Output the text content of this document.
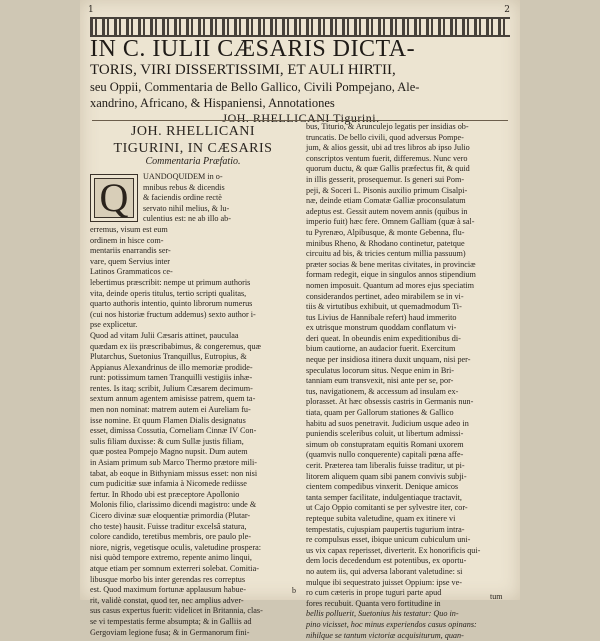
1	2
IN C. IULII CÆSARIS DICTA-
TORIS, VIRI DISSERTISSIMI, ET AULI HIRTII,
seu Oppii, Commentaria de Bello Gallico, Civili Pompejano, Ale-
xandrino, Africano, & Hispaniensi, Annotationes
JOH. RHELLICANI Tigurini.
JOH. RHELLICANI
TIGURINI, IN CÆSARIS
Commentaria Præfatio.
Q	UANDOQUIDEM in o-
mnibus rebus & dicendis
& faciendis ordine rectè
servato nihil melius, & lu-
culentius est: ne ab illo ab-
erremus, visum est eum
ordinem in hisce com-
mentariis enarrandis ser-
vare, quem Servius inter
Latinos Grammaticos ce-
lebertimus præscribit: nempe ut primum authoris
vita, deinde operis titulus, tertio scripti qualitas,
quarto authoris intentio, quinto librorum numerus
(cui nos historiæ fructum addemus) sexto author i-
pse explicetur.
Quod ad vitam Julii Cæsaris attinet, pauculaa
quædam ex iis præscribabimus, & congeremus, quæ
Plutarchus, Suetonius Tranquillus, Eutropius, &
Appianus Alexandrinus de illo memoriæ prodide-
runt: potissimum tamen Tranquilli vestigiis inhæ-
rentes. Is itaq; scribit, Julium Cæsarem decimum-
sextum annum agentem amisisse patrem, quem ta-
men non nominat: matrem autem ei Aureliam fu-
isse nomine. Et quum Flamen Dialis designatus
esset, dimissa Cossutia, Corneliam Cinnæ IV Con-
sulis filiam duxisse: & cum Sullæ justis filiam,
quæ postea Pompejo Magno nupsit. Dum autem
in Asiam primum sub Marco Thermo prætore mili-
tabat, ab eoque in Bithyniam missus esset: non nisi
cum pudicitiæ suæ infamia à Nicomede rediisse
fertur. In Rhodo ubi est præceptore Apollonio
Molonis filio, clarissimo dicendi magistro: unde &
Cicero divinæ suæ eloquentiæ primordia (Plutar-
cho teste) hausit. Fuisse traditur excelsâ statura,
colore candido, teretibus membris, ore paulo ple-
niore, nigris, vegetisque oculis, valetudine prospera:
nisi quòd tempore extremo, repente animo linqui,
atque etiam per somnum exterreri solebat. Comitia-
libusque morbo bis inter gerendas res correptus
est. Quod maximum fortunæ applausum habue-
rit, validè constat, quod ter, nec amplius adver-
sus casus expertus fuerit: videlicet in Britannia, clas-
se vi tempestatis ferme absumpta; & in Galliis ad
Gergoviam legione fusa; & in Germanorum fini-
bus, Titurio, & Arunculejo legatis per insidias ob-
truncatis. De bello civili, quod adversus Pompe-
jum, & alios gessit, ubi ad tres libros ab ipso Julio
conscriptos ventum fuerit, differemus. Nunc vero
quorum ductu, & quæ Gallis præfectus fit, & quid
in illis gesserit, prosequemur. Is generi sui Pom-
peji, & Soceri L. Pisonis auxilio primum Cisalpi-
næ, deinde etiam Comatæ Galliæ proconsulatum
adeptus est. Gessit autem novem annis (quibus in
imperio fuit) hæc fere. Omnem Galliam (quæ à sal-
tu Pyrenæo, Alpibusque, & monte Gebenna, flu-
minibus Rheno, & Rhodano continetur, patetque
circuitu ad bis, & tricies centum millia passuum)
præter socias & bene meritas civitates, in provinciæ
formam redegit, eique in singulos annos stipendium
nomen imposuit. Quantum ad mores ejus speciatim
considerandos pertinet, adeo mirabilem se in vi-
tiis & virtutibus exhibuit, ut quemadmodum Ti-
tus Livius de Hannibale refert) haud immerito
ex utrisque monstrum quoddam conflatum vi-
deri queat. In obeundis enim expeditionibus di-
bium cautiorne, an audacior fuerit. Exercitum
neque per insidiosa itinera duxit unquam, nisi per-
speculatus locorum situs. Neque enim in Bri-
tanniam eum transvexit, nisi ante per se, por-
tus, navigationem, & accessum ad insulam ex-
plorasset. At hæc obsessis castris in Germanis nun-
tiata, quam per Gallorum stationes & Gallico
habitu ad suos penetravit. Judicium usque adeo in
puniendis sceleribus coluit, ut libertum admissi-
simum ob constupratam equitis Romani uxorem
(quamvis nullo conquerente) capitali pœna affe-
cerit. Præterea tam liberalis fuisse traditur, ut pi-
litorem aliquem quam sibi panem convivis subji-
cientem compedibus vinxerit. Denique amicos
tanta semper facilitate, indulgentiaque tractavit,
ut Cajo Oppio comitanti se per sylvestre iter, cor-
repteque subita valetudine, quam ex itinere vi
tempestatis, cujuspiam paupertis tugurium intra-
re compulsus esset, ibique unicum cubiculum uni-
us vix capax reperisset, diverterit. Ex honorificis qui-
dem locis decedendum est potentibus, ex oportu-
no autem iis, qui adversa laborant valetudine: si
mulque ibi sequestrato juisset Oppium: ipse ve-
ro cum cæteris in prope tuguri parte apud
fores recubuit. Quanta vero fortitudine in
bellis polluerit, Suetonius his testatur: Quo in-
pino vicisset, hoc minus experiendos casus opinans:
nihilque se tantum victoriæ acquisiturum, quan-
b
tum
